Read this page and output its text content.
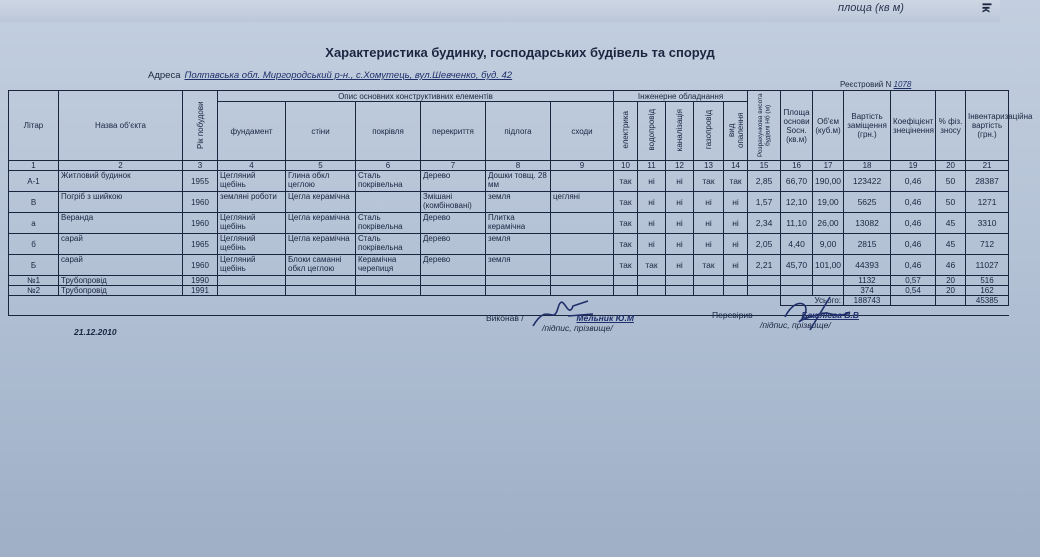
площа (кв м)	Ік
Характеристика будинку, господарських будівель та споруд
Адреса Полтавська обл. Миргородський р-н., с.Хомутець, вул.Шевченко, буд. 42
Реєстровий N 1078
Літар	Назва об'єкта	Рік побудови	Опис основних конструктивних елементів						Інженерне обладнання					Розрахункова висота будівлі Нб (м)	Площа основи Sосн. (кв.м)	Об'єм (куб.м)	Вартість заміщення (грн.)	Коефіцієнт знецінення	% фіз. зносу	Інвентаризаційна вартість (грн.)
			фундамент	стіни	покрівля	перекриття	підлога	сходи	електрика	водопровід	каналізація	газопровід	вид опалення							
1	2	3	4	5	6	7	8	9	10	11	12	13	14	15	16	17	18	19	20	21
А-1	Житловий будинок	1955	Цегляний щебінь	Глина обкл цеглою	Сталь покрівельна	Дерево	Дошки товщ. 28 мм		так	ні	ні	так	так	2,85	66,70	190,00	123422	0,46	50	28387
В	Погріб з шийкою	1960	земляні роботи	Цегла керамічна		Змішані (комбіновані)	земля	цегляні	так	ні	ні	ні	ні	1,57	12,10	19,00	5625	0,46	50	1271
а	Веранда	1960	Цегляний щебінь	Цегла керамічна	Сталь покрівельна	Дерево	Плитка керамічна		так	ні	ні	ні	ні	2,34	11,10	26,00	13082	0,46	45	3310
б	сарай	1965	Цегляний щебінь	Цегла керамічна	Сталь покрівельна	Дерево	земля		так	ні	ні	ні	ні	2,05	4,40	9,00	2815	0,46	45	712
Б	сарай	1960	Цегляний щебінь	Блоки саманні обкл цеглою	Керамічна черепиця	Дерево	земля		так	так	ні	так	ні	2,21	45,70	101,00	44393	0,46	46	11027
№1	Трубопровід	1990															1132	0,57	20	516
№2	Трубопровід	1991															374	0,54	20	162
															Усього:		188743			45385
21.12.2010
Виконав /	Мельник Ю.М
/підпис, прізвище/
Перевірив	Башлієва В.В
/підпис, прізвище/
